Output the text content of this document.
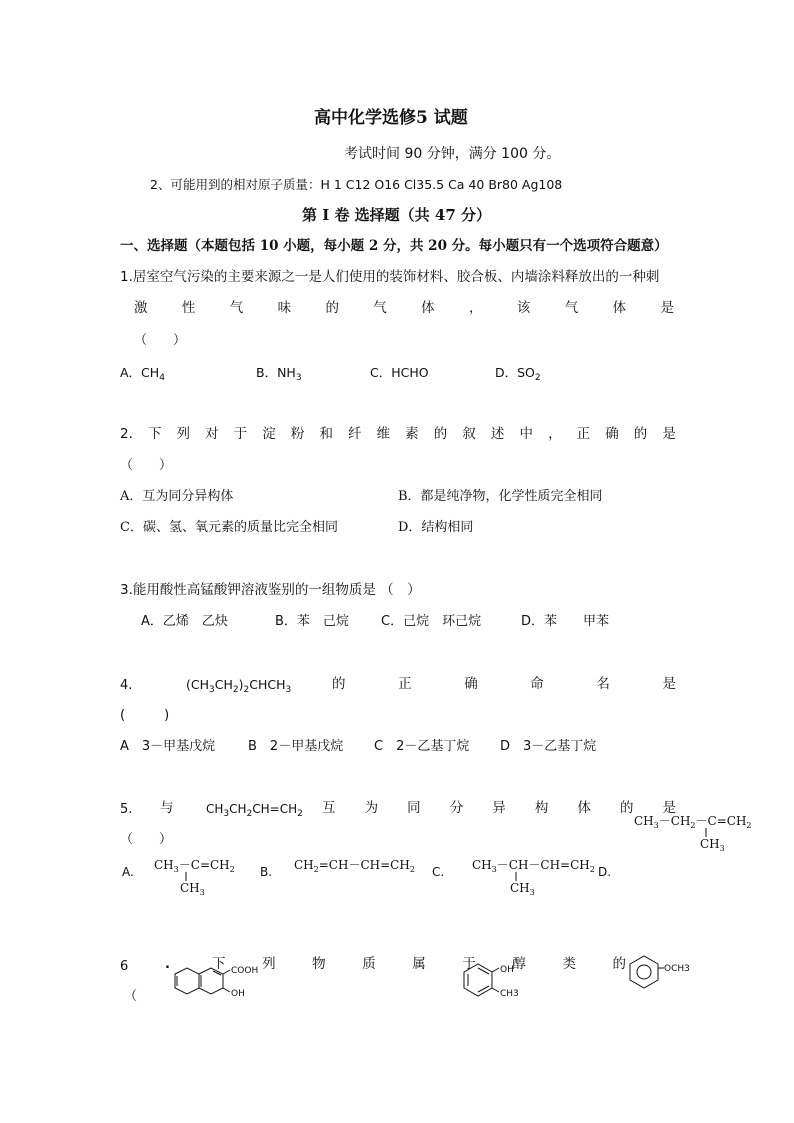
高中化学选修5 试题
考试时间 90 分钟，满分 100 分。
2、可能用到的相对原子质量：H 1 C12 O16 Cl35.5 Ca 40 Br80 Ag108
第 I 卷 选择题（共 47 分）
一、选择题（本题包括 10 小题，每小题 2 分，共 20 分。每小题只有一个选项符合题意）
1.居室空气污染的主要来源之一是人们使用的装饰材料、胶合板、内墙涂料释放出的一种刺
激	性	气	味	的	气	体	，	该	气	体	是
（　　）
A．$CH_4$	B．$NH_3$	C．HCHO	D．$SO_2$
2. 下 列 对 于 淀 粉 和 纤 维 素 的 叙 述 中 ， 正 确 的 是
（　　）
A．互为同分异构体	B．都是纯净物，化学性质完全相同
C．碳、氢、氧元素的质量比完全相同	D．结构相同
3.能用酸性高锰酸钾溶液鉴别的一组物质是 （　）
A．乙烯　乙炔	B．苯　己烷 C．己烷　环己烷	D．苯　　甲苯
4.	$(CH_3CH_2)_2CHCH_3$	的	正	确	命	名	是
(　　　)
A　3－甲基戊烷	B　2－甲基戊烷 C　2－乙基丁烷 D　3－乙基丁烷
5. 与	$CH_3CH_2CH=CH_2$ 互 为 同 分 异 构 体 的 是
（　　）
$CH_3-CH_2-C=CH_2$
$CH_3$
A. $CH_3-C=CH_2$
$CH_3$
B. $CH_2=CH-CH=CH_2$ C. $CH_3-CH-CH=CH_2$
$CH_3$
D.
6	.	下	列	物	质	属	于	醇	类	的
（
COOH
OH
OH
CH3
OCH3
